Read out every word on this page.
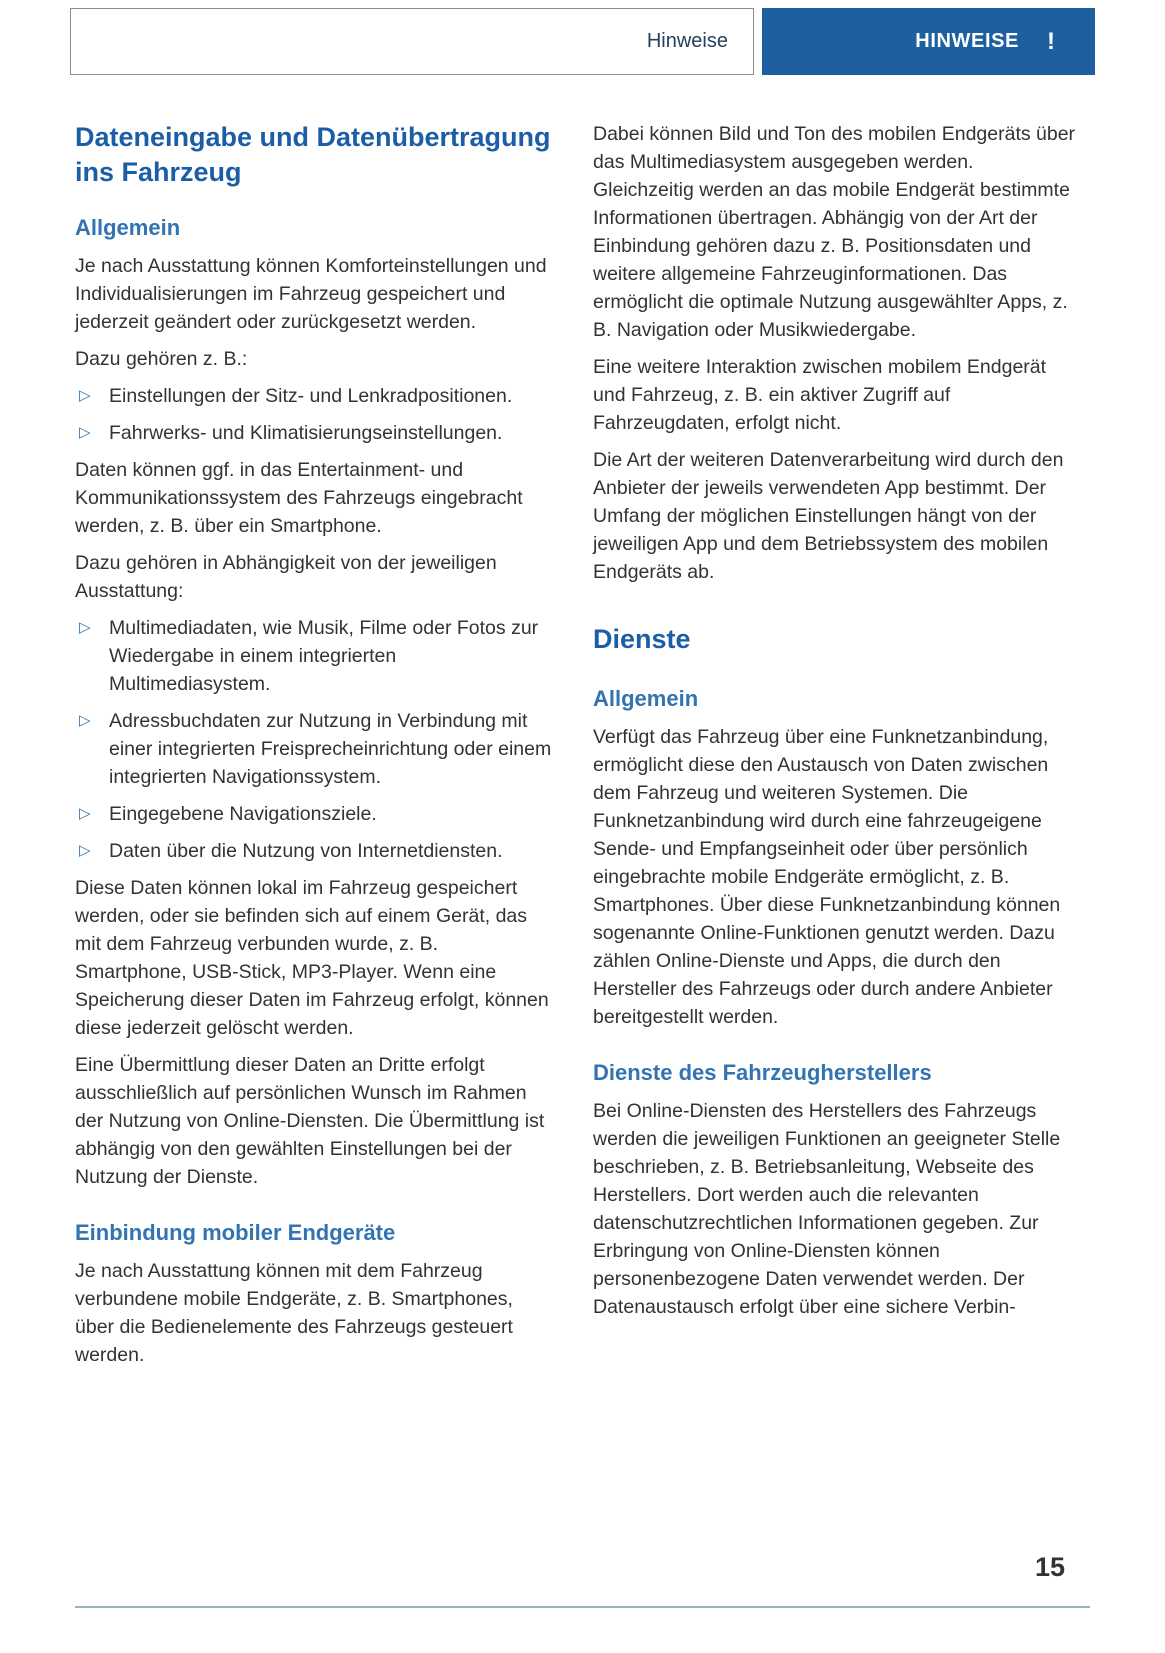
Hinweise	HINWEISE !
Dateneingabe und Datenübertragung ins Fahrzeug
Allgemein

Je nach Ausstattung können Komforteinstellungen und Individualisierungen im Fahrzeug gespeichert und jederzeit geändert oder zurückgesetzt werden.

Dazu gehören z. B.:

▷ Einstellungen der Sitz- und Lenkradpositionen.
▷ Fahrwerks- und Klimatisierungseinstellungen.

Daten können ggf. in das Entertainment- und Kommunikationssystem des Fahrzeugs eingebracht werden, z. B. über ein Smartphone.

Dazu gehören in Abhängigkeit von der jeweiligen Ausstattung:

▷ Multimediadaten, wie Musik, Filme oder Fotos zur Wiedergabe in einem integrierten Multimediasystem.
▷ Adressbuchdaten zur Nutzung in Verbindung mit einer integrierten Freisprecheinrichtung oder einem integrierten Navigationssystem.
▷ Eingegebene Navigationsziele.
▷ Daten über die Nutzung von Internetdiensten.

Diese Daten können lokal im Fahrzeug gespeichert werden, oder sie befinden sich auf einem Gerät, das mit dem Fahrzeug verbunden wurde, z. B. Smartphone, USB-Stick, MP3-Player. Wenn eine Speicherung dieser Daten im Fahrzeug erfolgt, können diese jederzeit gelöscht werden.

Eine Übermittlung dieser Daten an Dritte erfolgt ausschließlich auf persönlichen Wunsch im Rahmen der Nutzung von Online-Diensten. Die Übermittlung ist abhängig von den gewählten Einstellungen bei der Nutzung der Dienste.

Einbindung mobiler Endgeräte

Je nach Ausstattung können mit dem Fahrzeug verbundene mobile Endgeräte, z. B. Smartphones, über die Bedienelemente des Fahrzeugs gesteuert werden.

Dabei können Bild und Ton des mobilen Endgeräts über das Multimediasystem ausgegeben werden. Gleichzeitig werden an das mobile Endgerät bestimmte Informationen übertragen. Abhängig von der Art der Einbindung gehören dazu z. B. Positionsdaten und weitere allgemeine Fahrzeuginformationen. Das ermöglicht die optimale Nutzung ausgewählter Apps, z. B. Navigation oder Musikwiedergabe.

Eine weitere Interaktion zwischen mobilem Endgerät und Fahrzeug, z. B. ein aktiver Zugriff auf Fahrzeugdaten, erfolgt nicht.

Die Art der weiteren Datenverarbeitung wird durch den Anbieter der jeweils verwendeten App bestimmt. Der Umfang der möglichen Einstellungen hängt von der jeweiligen App und dem Betriebssystem des mobilen Endgeräts ab.

Dienste
Allgemein

Verfügt das Fahrzeug über eine Funknetzanbindung, ermöglicht diese den Austausch von Daten zwischen dem Fahrzeug und weiteren Systemen. Die Funknetzanbindung wird durch eine fahrzeugeigene Sende- und Empfangseinheit oder über persönlich eingebrachte mobile Endgeräte ermöglicht, z. B. Smartphones. Über diese Funknetzanbindung können sogenannte Online-Funktionen genutzt werden. Dazu zählen Online-Dienste und Apps, die durch den Hersteller des Fahrzeugs oder durch andere Anbieter bereitgestellt werden.

Dienste des Fahrzeugherstellers

Bei Online-Diensten des Herstellers des Fahrzeugs werden die jeweiligen Funktionen an geeigneter Stelle beschrieben, z. B. Betriebsanleitung, Webseite des Herstellers. Dort werden auch die relevanten datenschutzrechtlichen Informationen gegeben. Zur Erbringung von Online-Diensten können personenbezogene Daten verwendet werden. Der Datenaustausch erfolgt über eine sichere Verbin-

15
